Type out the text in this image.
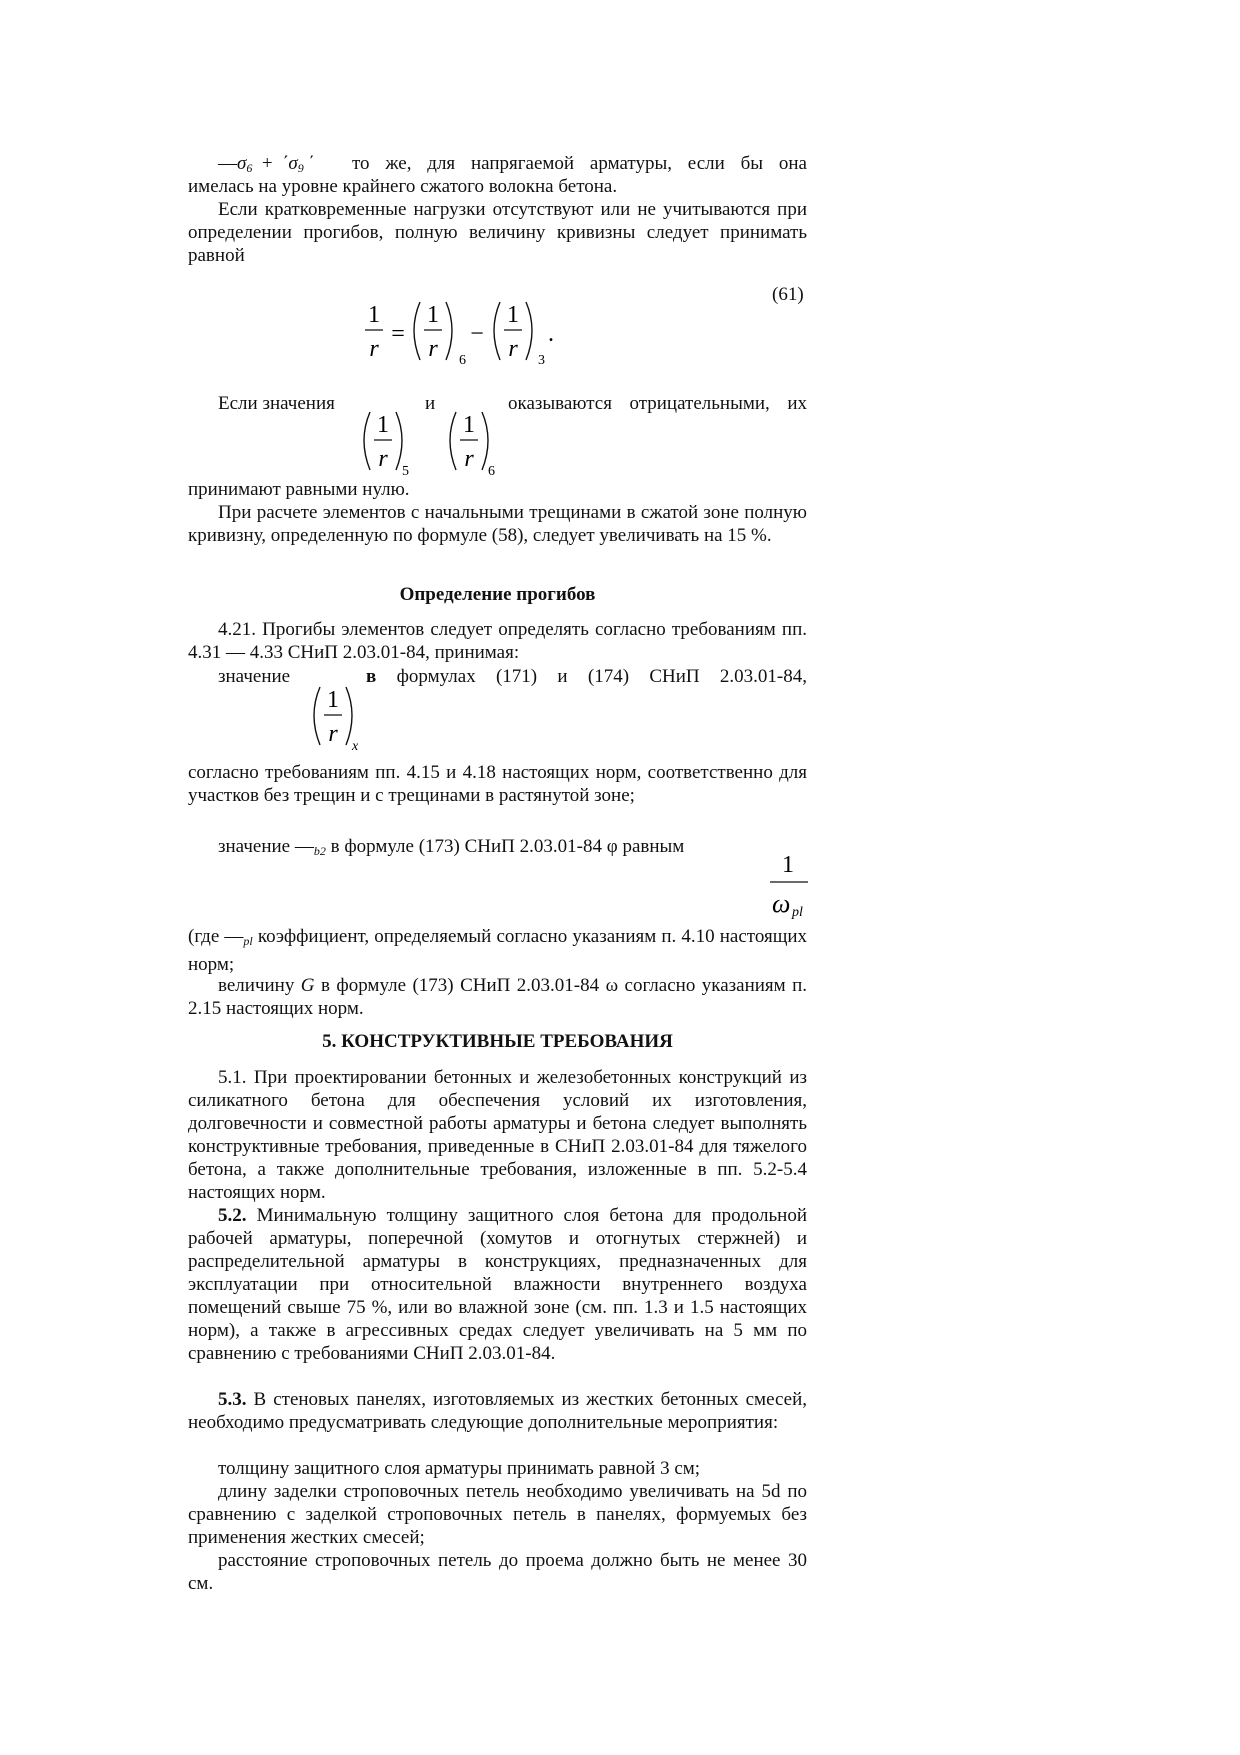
$—\sigma_6 + ΄\sigma_9$ ΄ то же, для напрягаемой арматуры, если бы она

имелась на уровне крайнего сжатого волокна бетона.

Если кратковременные нагрузки отсутствуют или не учитываются при определении прогибов, полную величину кривизны следует принимать равной

(61)
1
r
=
1
r 6
−
1
r 3
.

Если значения	и	оказываются отрицательными, их

1
r 5
1
r 6

принимают равными нулю.

При расчете элементов с начальными трещинами в сжатой зоне полную кривизну, определенную по формуле (58), следует увеличивать на 15 %.

Определение прогибов

4.21. Прогибы элементов следует определять согласно требованиям пп. 4.31 — 4.33 СНиП 2.03.01-84, принимая:

значение	в формулах (171) и (174) СНиП 2.03.01-84,

1
r x

согласно требованиям пп. 4.15 и 4.18 настоящих норм, соответственно для участков без трещин и с трещинами в растянутой зоне;

значение $—_{b2}$ в формуле (173) СНиП 2.03.01-84 φ равным

1
ω pl

(где $—_{pl}$ коэффициент, определяемый согласно указаниям п. 4.10 настоящих норм;

величину G в формуле (173) СНиП 2.03.01-84 ω согласно указаниям п. 2.15 настоящих норм.

5. КОНСТРУКТИВНЫЕ ТРЕБОВАНИЯ

5.1. При проектировании бетонных и железобетонных конструкций из силикатного бетона для обеспечения условий их изготовления, долговечности и совместной работы арматуры и бетона следует выполнять конструктивные требования, приведенные в СНиП 2.03.01-84 для тяжелого бетона, а также дополнительные требования, изложенные в пп. 5.2-5.4 настоящих норм.

5.2. Минимальную толщину защитного слоя бетона для продольной рабочей арматуры, поперечной (хомутов и отогнутых стержней) и распределительной арматуры в конструкциях, предназначенных для эксплуатации при относительной влажности внутреннего воздуха помещений свыше 75 %, или во влажной зоне (см. пп. 1.3 и 1.5 настоящих норм), а также в агрессивных средах следует увеличивать на 5 мм по сравнению с требованиями СНиП 2.03.01-84.

5.3. В стеновых панелях, изготовляемых из жестких бетонных смесей, необходимо предусматривать следующие дополнительные мероприятия:

толщину защитного слоя арматуры принимать равной 3 см;

длину заделки строповочных петель необходимо увеличивать на 5d по сравнению с заделкой строповочных петель в панелях, формуемых без применения жестких смесей;

расстояние строповочных петель до проема должно быть не менее 30 см.
